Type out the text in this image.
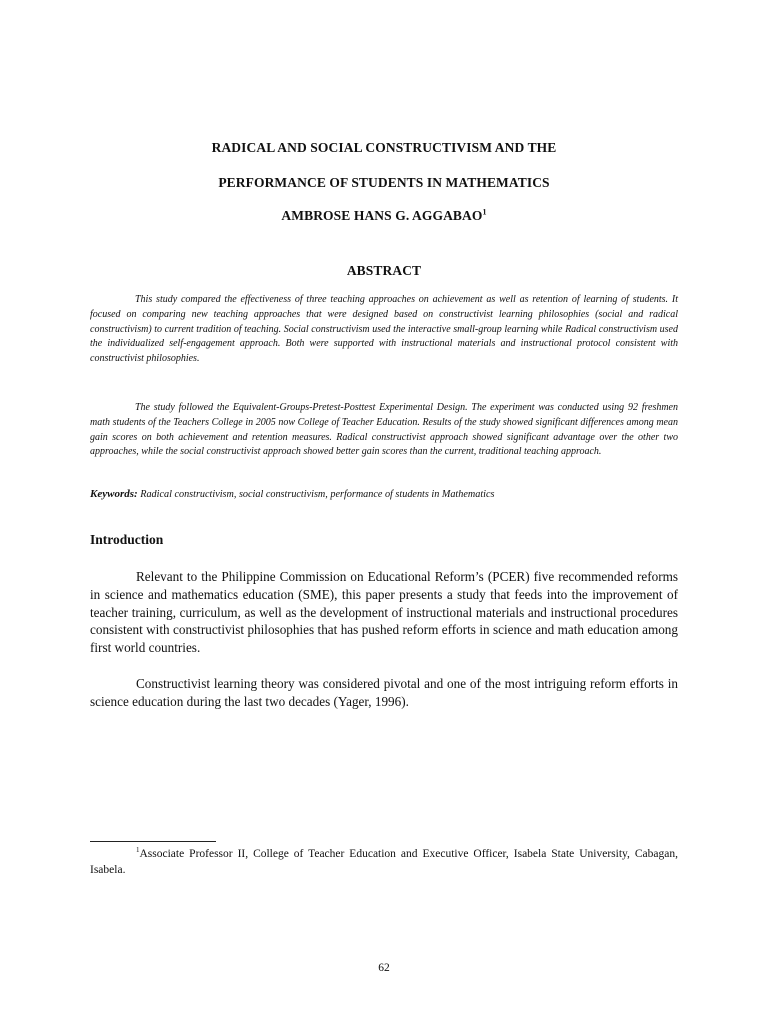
RADICAL AND SOCIAL CONSTRUCTIVISM AND THE
PERFORMANCE OF STUDENTS IN MATHEMATICS
AMBROSE HANS G. AGGABAO$^1$
ABSTRACT

This study compared the effectiveness of three teaching approaches on achievement as well as retention of learning of students. It focused on comparing new teaching approaches that were designed based on constructivist learning philosophies (social and radical constructivism) to current tradition of teaching. Social constructivism used the interactive small-group learning while Radical constructivism used the individualized self-engagement approach. Both were supported with instructional materials and instructional protocol consistent with constructivist philosophies.

The study followed the Equivalent-Groups-Pretest-Posttest Experimental Design. The experiment was conducted using 92 freshmen math students of the Teachers College in 2005 now College of Teacher Education. Results of the study showed significant differences among mean gain scores on both achievement and retention measures. Radical constructivist approach showed significant advantage over the other two approaches, while the social constructivist approach showed better gain scores than the current, traditional teaching approach.

Keywords: Radical constructivism, social constructivism, performance of students in Mathematics
Introduction

Relevant to the Philippine Commission on Educational Reform’s (PCER) five recommended reforms in science and mathematics education (SME), this paper presents a study that feeds into the improvement of teacher training, curriculum, as well as the development of instructional materials and instructional procedures consistent with constructivist philosophies that has pushed reform efforts in science and math education among first world countries.

Constructivist learning theory was considered pivotal and one of the most intriguing reform efforts in science education during the last two decades (Yager, 1996).

$^1$Associate Professor II, College of Teacher Education and Executive Officer, Isabela State University, Cabagan, Isabela.

62
